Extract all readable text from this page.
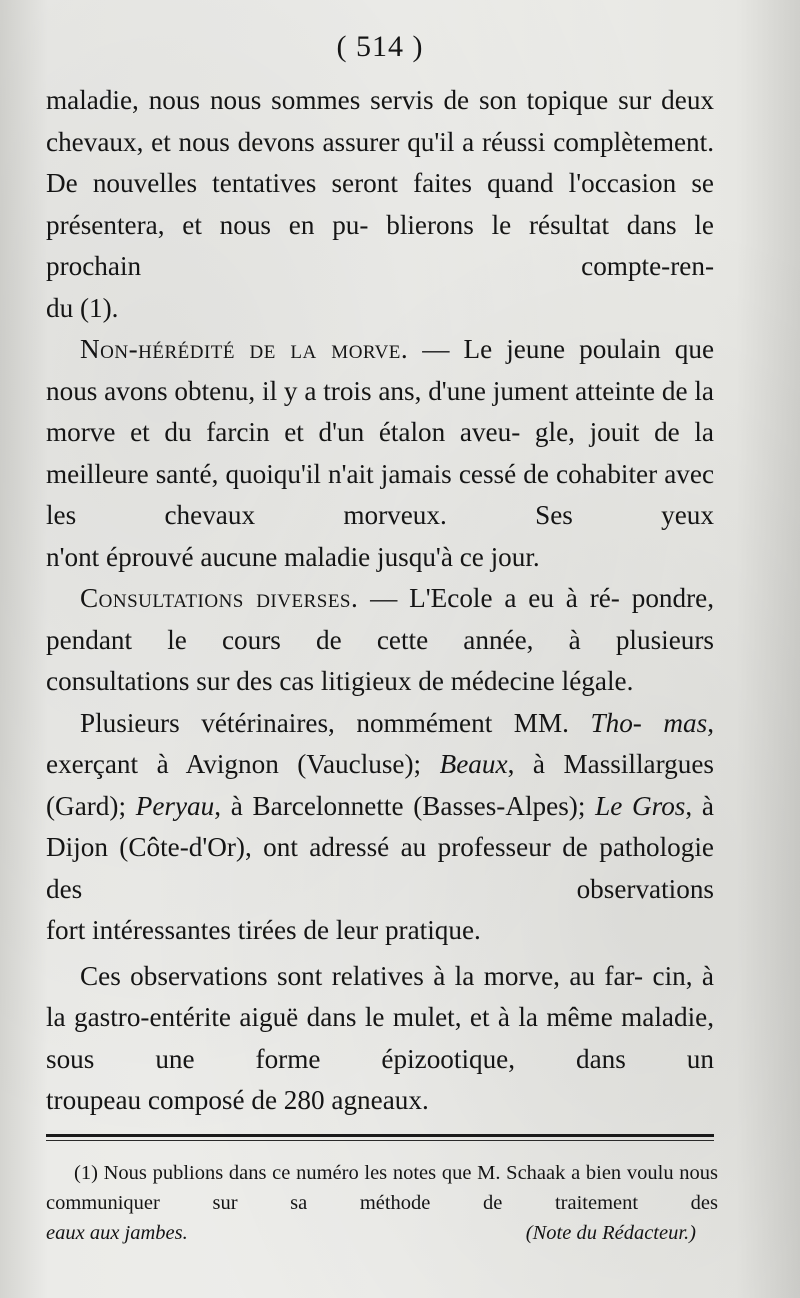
( 514 )

maladie, nous nous sommes servis de son topique sur deux chevaux, et nous devons assurer qu'il a réussi complètement. De nouvelles tentatives seront faites quand l'occasion se présentera, et nous en pu- blierons le résultat dans le prochain compte-ren-

du (1).

Non-hérédité de la morve. — Le jeune poulain que nous avons obtenu, il y a trois ans, d'une jument atteinte de la morve et du farcin et d'un étalon aveu- gle, jouit de la meilleure santé, quoiqu'il n'ait jamais cessé de cohabiter avec les chevaux morveux. Ses yeux

n'ont éprouvé aucune maladie jusqu'à ce jour.

Consultations diverses. — L'Ecole a eu à ré- pondre, pendant le cours de cette année, à plusieurs

consultations sur des cas litigieux de médecine légale.

Plusieurs vétérinaires, nommément MM. Tho- mas, exerçant à Avignon (Vaucluse); Beaux, à Massillargues (Gard); Peryau, à Barcelonnette (Basses-Alpes); Le Gros, à Dijon (Côte-d'Or), ont adressé au professeur de pathologie des observations

fort intéressantes tirées de leur pratique.

Ces observations sont relatives à la morve, au far- cin, à la gastro-entérite aiguë dans le mulet, et à la même maladie, sous une forme épizootique, dans un

troupeau composé de 280 agneaux.

(1) Nous publions dans ce numéro les notes que M. Schaak a bien voulu nous communiquer sur sa méthode de traitement des

eaux aux jambes.	(Note du Rédacteur.)
